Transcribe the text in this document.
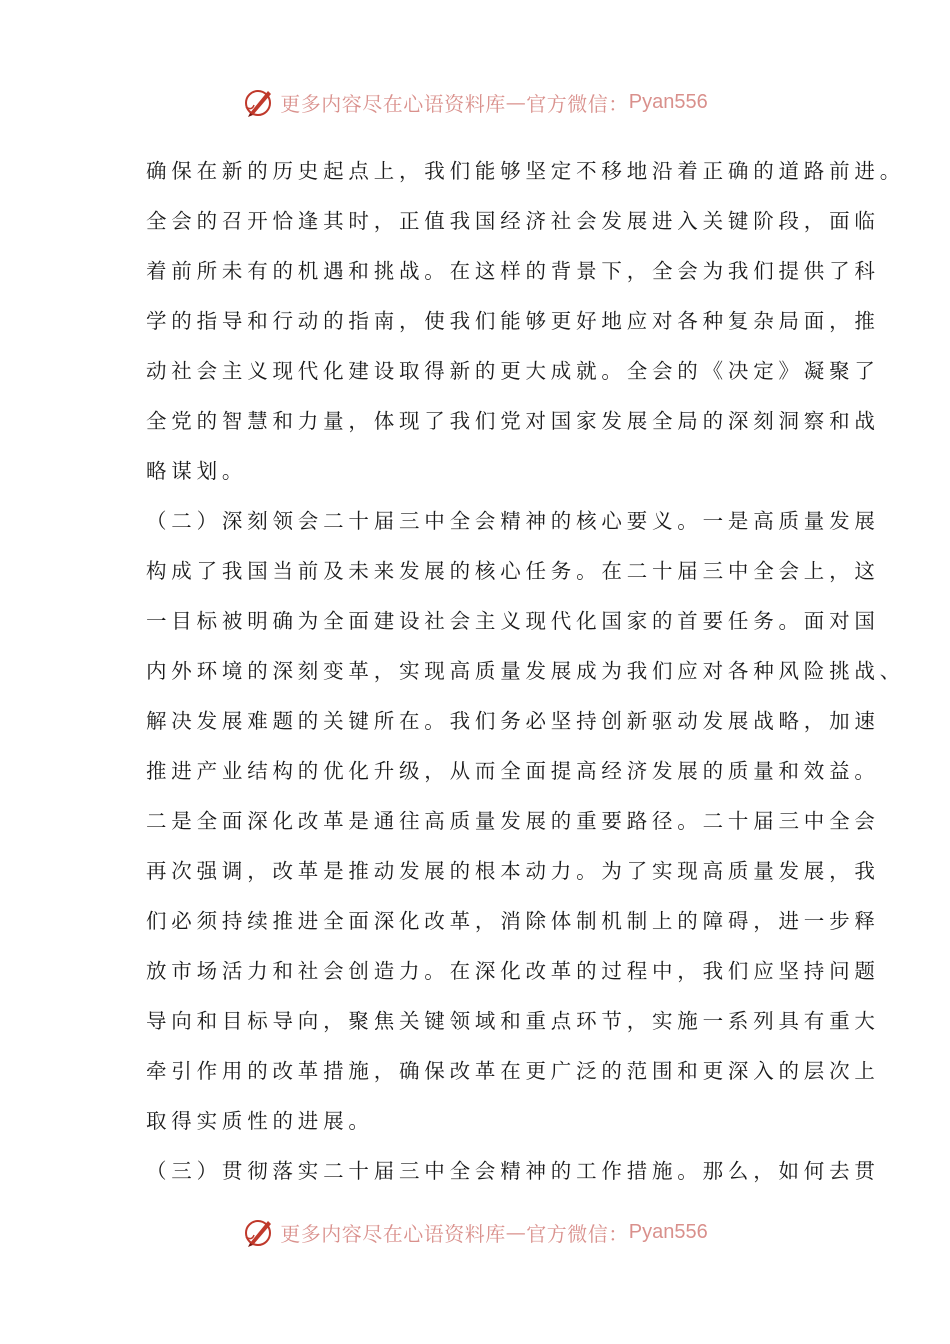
更多内容尽在心语资料库 — 官方微信： Pyan556
确保在新的历史起点上，我们能够坚定不移地沿着正确的道路前进。
全会的召开恰逢其时，正值我国经济社会发展进入关键阶段，面临
着前所未有的机遇和挑战。在这样的背景下，全会为我们提供了科
学的指导和行动的指南，使我们能够更好地应对各种复杂局面，推
动社会主义现代化建设取得新的更大成就。全会的《决定》凝聚了
全党的智慧和力量，体现了我们党对国家发展全局的深刻洞察和战
略谋划。
（二）深刻领会二十届三中全会精神的核心要义。一是高质量发展
构成了我国当前及未来发展的核心任务。在二十届三中全会上，这
一目标被明确为全面建设社会主义现代化国家的首要任务。面对国
内外环境的深刻变革，实现高质量发展成为我们应对各种风险挑战、
解决发展难题的关键所在。我们务必坚持创新驱动发展战略，加速
推进产业结构的优化升级，从而全面提高经济发展的质量和效益。
二是全面深化改革是通往高质量发展的重要路径。二十届三中全会
再次强调，改革是推动发展的根本动力。为了实现高质量发展，我
们必须持续推进全面深化改革，消除体制机制上的障碍，进一步释
放市场活力和社会创造力。在深化改革的过程中，我们应坚持问题
导向和目标导向，聚焦关键领域和重点环节，实施一系列具有重大
牵引作用的改革措施，确保改革在更广泛的范围和更深入的层次上
取得实质性的进展。
（三）贯彻落实二十届三中全会精神的工作措施。那么，如何去贯
更多内容尽在心语资料库 — 官方微信： Pyan556
